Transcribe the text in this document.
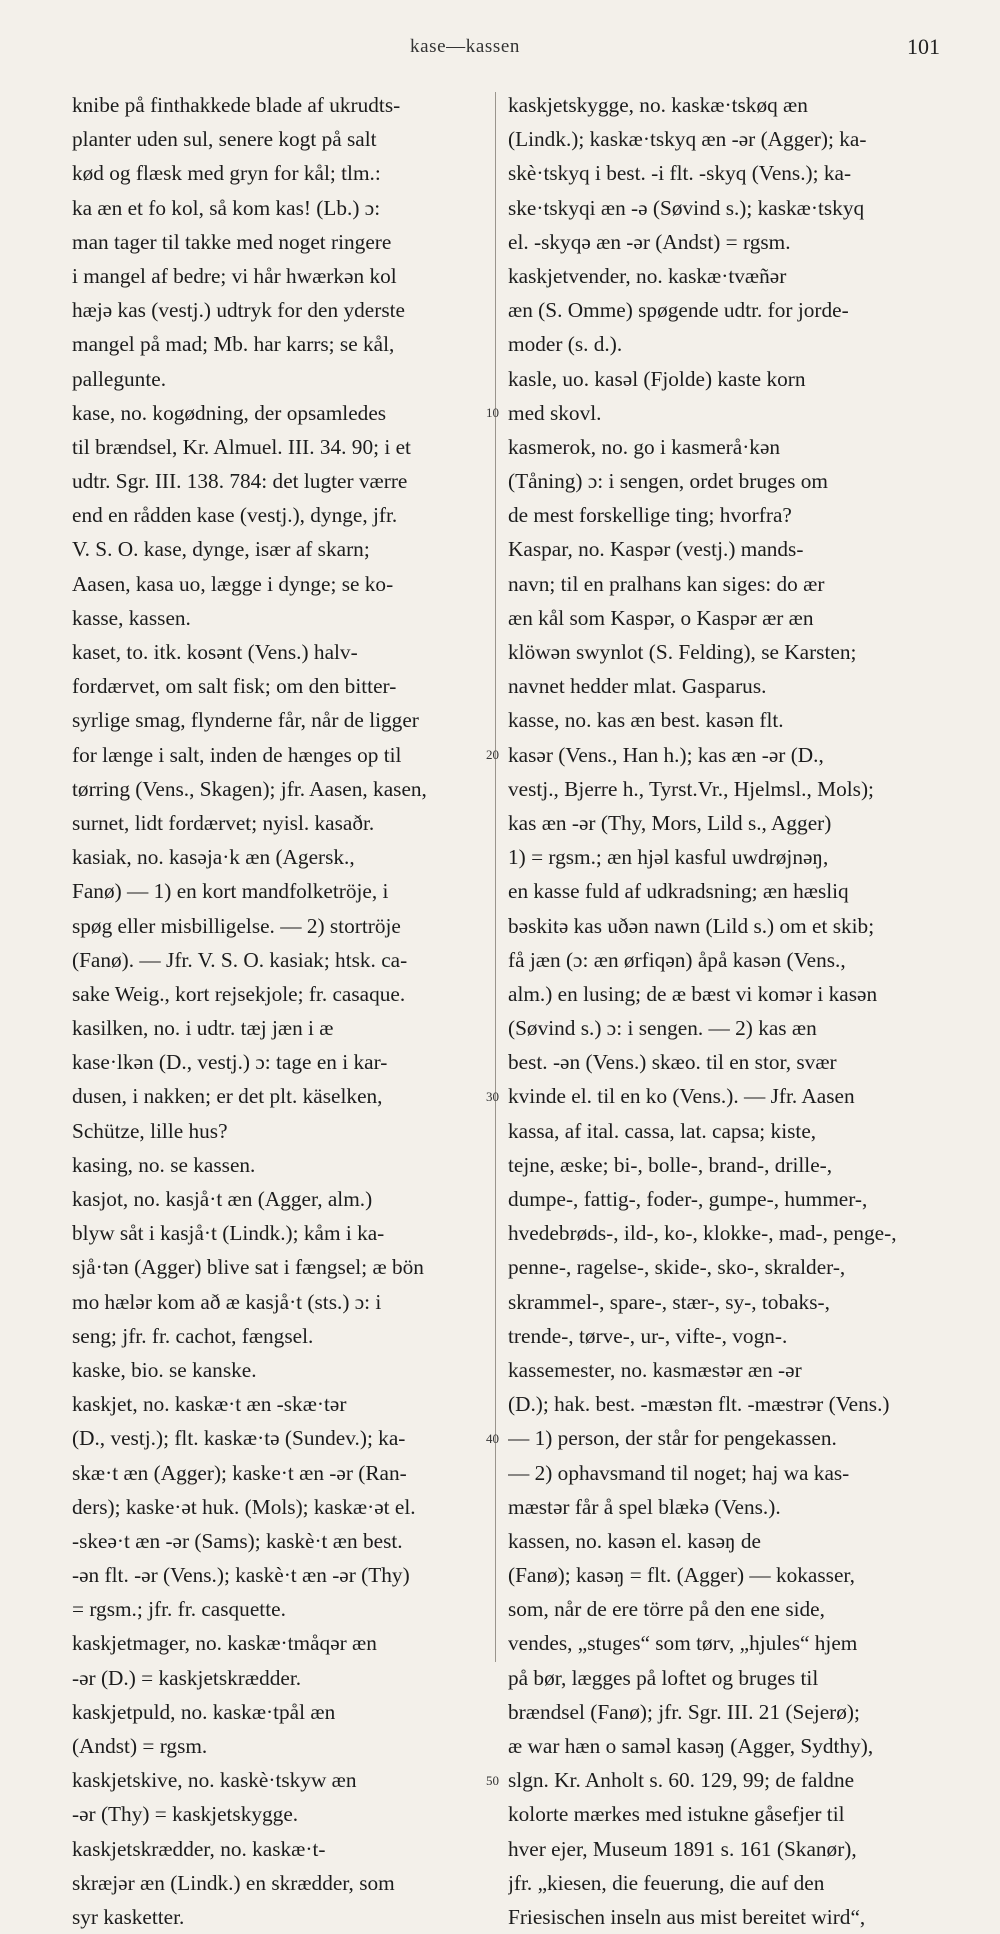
kase—kassen	101
knibe på finthakkede blade af ukrudts-
planter uden sul, senere kogt på salt
kød og flæsk med gryn for kål; tlm.:
ka æn et fo kol, så kom kas! (Lb.) ɔ:
man tager til takke med noget ringere
i mangel af bedre; vi hår hwærkən kol
hæjə kas (vestj.) udtryk for den yderste
mangel på mad; Mb. har karrs; se kål,
pallegunte.
kase, no. kogødning, der opsamledes
til brændsel, Kr. Almuel. III. 34. 90; i et
udtr. Sgr. III. 138. 784: det lugter værre
end en rådden kase (vestj.), dynge, jfr.
V. S. O. kase, dynge, især af skarn;
Aasen, kasa uo, lægge i dynge; se ko-
kasse, kassen.
kaset, to. itk. kosənt (Vens.) halv-
fordærvet, om salt fisk; om den bitter-
syrlige smag, flynderne får, når de ligger
for længe i salt, inden de hænges op til
tørring (Vens., Skagen); jfr. Aasen, kasen,
surnet, lidt fordærvet; nyisl. kasaðr.
kasiak, no. kasəja·k æn (Agersk.,
Fanø) — 1) en kort mandfolketröje, i
spøg eller misbilligelse. — 2) stortröje
(Fanø). — Jfr. V. S. O. kasiak; htsk. ca-
sake Weig., kort rejsekjole; fr. casaque.
kasilken, no. i udtr. tæj jæn i æ
kase·lkən (D., vestj.) ɔ: tage en i kar-
dusen, i nakken; er det plt. käselken,
Schütze, lille hus?
kasing, no. se kassen.
kasjot, no. kasjå·t æn (Agger, alm.)
blyw såt i kasjå·t (Lindk.); kåm i ka-
sjå·tən (Agger) blive sat i fængsel; æ bön
mo hælər kom að æ kasjå·t (sts.) ɔ: i
seng; jfr. fr. cachot, fængsel.
kaske, bio. se kanske.
kaskjet, no. kaskæ·t æn -skæ·tər
(D., vestj.); flt. kaskæ·tə (Sundev.); ka-
skæ·t æn (Agger); kaske·t æn -ər (Ran-
ders); kaske·ət huk. (Mols); kaskæ·ət el.
-skeə·t æn -ər (Sams); kaskè·t æn best.
-ən flt. -ər (Vens.); kaskè·t æn -ər (Thy)
= rgsm.; jfr. fr. casquette.
kaskjetmager, no. kaskæ·tmåqər æn
-ər (D.) = kaskjetskrædder.
kaskjetpuld, no. kaskæ·tpål æn
(Andst) = rgsm.
kaskjetskive, no. kaskè·tskyw æn
-ər (Thy) = kaskjetskygge.
kaskjetskrædder, no. kaskæ·t-
skræjər æn (Lindk.) en skrædder, som
syr kasketter.
kaskjetskygge, no. kaskæ·tskøq æn
(Lindk.); kaskæ·tskyq æn -ər (Agger); ka-
skè·tskyq i best. -i flt. -skyq (Vens.); ka-
ske·tskyqi æn -ə (Søvind s.); kaskæ·tskyq
el. -skyqə æn -ər (Andst) = rgsm.
kaskjetvender, no. kaskæ·tvæñər
æn (S. Omme) spøgende udtr. for jorde-
moder (s. d.).
kasle, uo. kasəl (Fjolde) kaste korn
med skovl.
kasmerok, no. go i kasmerå·kən
(Tåning) ɔ: i sengen, ordet bruges om
de mest forskellige ting; hvorfra?
Kaspar, no. Kaspər (vestj.) mands-
navn; til en pralhans kan siges: do ær
æn kål som Kaspər, o Kaspər ær æn
klöwən swynlot (S. Felding), se Karsten;
navnet hedder mlat. Gasparus.
kasse, no. kas æn best. kasən flt.
kasər (Vens., Han h.); kas æn -ər (D.,
vestj., Bjerre h., Tyrst.Vr., Hjelmsl., Mols);
kas æn -ər (Thy, Mors, Lild s., Agger)
1) = rgsm.; æn hjəl kasful uwdrøjnəŋ,
en kasse fuld af udkradsning; æn hæsliq
bəskitə kas uðən nawn (Lild s.) om et skib;
få jæn (ɔ: æn ørfiqən) åpå kasən (Vens.,
alm.) en lusing; de æ bæst vi komər i kasən
(Søvind s.) ɔ: i sengen. — 2) kas æn
best. -ən (Vens.) skæo. til en stor, svær
kvinde el. til en ko (Vens.). — Jfr. Aasen
kassa, af ital. cassa, lat. capsa; kiste,
tejne, æske; bi-, bolle-, brand-, drille-,
dumpe-, fattig-, foder-, gumpe-, hummer-,
hvedebrøds-, ild-, ko-, klokke-, mad-, penge-,
penne-, ragelse-, skide-, sko-, skralder-,
skrammel-, spare-, stær-, sy-, tobaks-,
trende-, tørve-, ur-, vifte-, vogn-.
kassemester, no. kasmæstər æn -ər
(D.); hak. best. -mæstən flt. -mæstrər (Vens.)
— 1) person, der står for pengekassen.
— 2) ophavsmand til noget; haj wa kas-
mæstər får å spel blækə (Vens.).
kassen, no. kasən el. kasəŋ de
(Fanø); kasəŋ = flt. (Agger) — kokasser,
som, når de ere törre på den ene side,
vendes, „stuges“ som tørv, „hjules“ hjem
på bør, lægges på loftet og bruges til
brændsel (Fanø); jfr. Sgr. III. 21 (Sejerø);
æ war hæn o saməl kasəŋ (Agger, Sydthy),
slgn. Kr. Anholt s. 60. 129, 99; de faldne
kolorte mærkes med istukne gåsefjer til
hver ejer, Museum 1891 s. 161 (Skanør),
jfr. „kiesen, die feuerung, die auf den
Friesischen inseln aus mist bereitet wird“,
10
20
30
40
50
